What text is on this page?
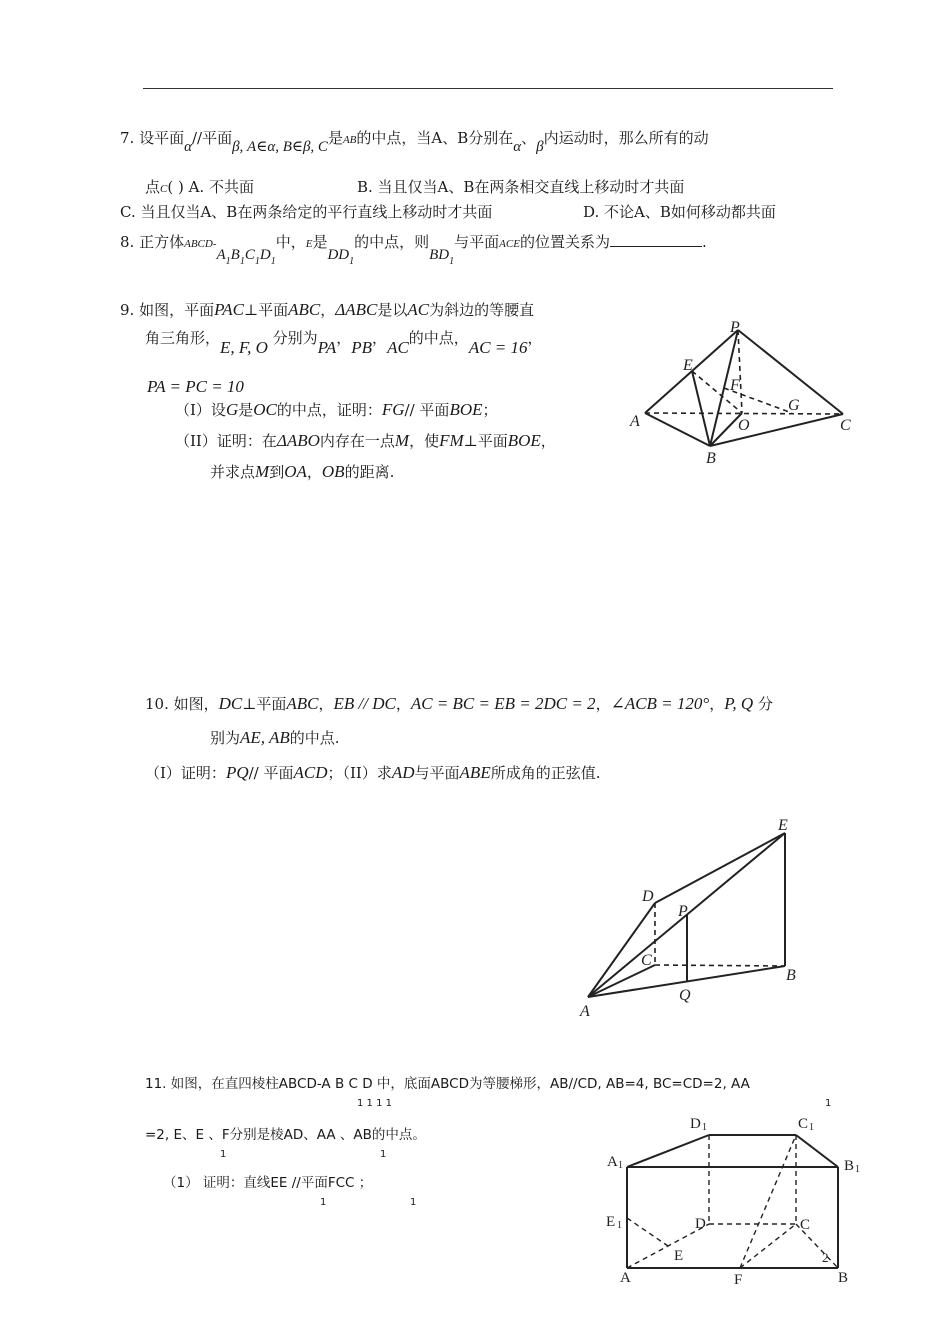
7. 设平面α//平面β, A∈α, B∈β, C是AB的中点，当A、B分别在α、β内运动时，那么所有的动
点C( ) A. 不共面	B. 当且仅当A、B在两条相交直线上移动时才共面
C. 当且仅当A、B在两条给定的平行直线上移动时才共面	D. 不论A、B如何移动都共面
8. 正方体ABCD-$A_1B_1C_1D_1$中，E是$DD_1$的中点，则$BD_1$与平面ACE的位置关系为	.
9. 如图，平面PAC⊥平面ABC，ΔABC是以AC为斜边的等腰直
角三角形，E, F, O 分别为PA，PB，AC的中点，AC = 16，
PA = PC = 10
（I）设G是OC的中点，证明：FG// 平面BOE；
（II）证明：在ΔABO内存在一点M，使FM⊥平面BOE，
并求点M到OA，OB的距离.
P
E
F
G
A	O	C
B
10. 如图，DC⊥平面ABC，EB // DC，AC = BC = EB = 2DC = 2，∠ACB = 120°，P, Q 分
别为AE, AB的中点.
（I）证明：PQ// 平面ACD；（II）求AD与平面ABE所成角的正弦值.
E
D
P
C
B
Q
A
11. 如图，在直四棱柱ABCD-A B C D 中，底面ABCD为等腰梯形，AB//CD, AB=4, BC=CD=2, AA
1 1 1 1	1
=2, E、E 、F分别是棱AD、AA 、AB的中点。
1	1
（1） 证明：直线EE //平面FCC ；
1	1
D 1	C 1
A 1	B 1
E 1	D	C
E	2
A	F	B
